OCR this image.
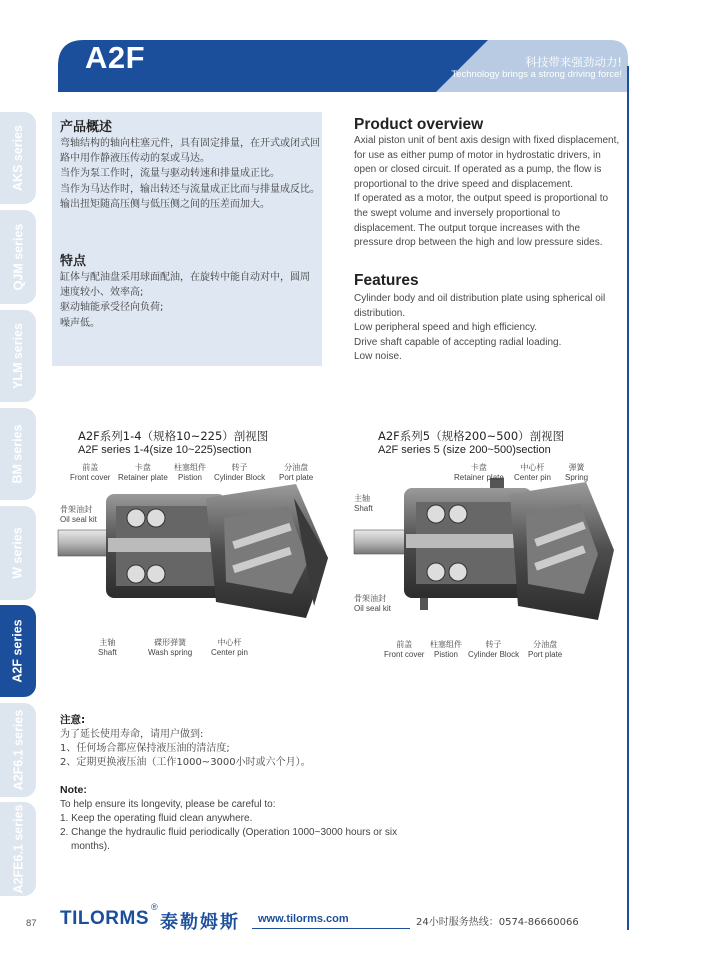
A2F	科技带来强劲动力!
Technology brings a strong driving force!
AKS series
QJM series
YLM series
BM series
W series
A2F series
A2F6.1 series
A2FE6.1 series
产品概述
弯轴结构的轴向柱塞元件，具有固定排量，在开式或闭式回
路中用作静液压传动的泵或马达。
当作为泵工作时，流量与驱动转速和排量成正比。
当作为马达作时，输出转还与流量成正比而与排量成反比。
输出扭矩随高压侧与低压侧之间的压差而加大。
特点
缸体与配油盘采用球面配油，在旋转中能自动对中，圆周
速度较小、效率高;
驱动轴能承受径向负荷;
噪声低。
Product overview
Axial piston unit of bent axis design with fixed displacement,
for use as either pump of motor in hydrostatic drivers, in
open or closed circuit. If operated as a pump, the flow is
proportional to the drive speed and displacement.
If operated as a motor, the output speed is proportional to
the swept volume and inversely proportional to
displacement. The output torque increases with the
pressure drop between the high and low pressure sides.
Features
Cylinder body and oil distribution plate using spherical oil
distribution.
Low peripheral speed and high efficiency.
Drive shaft capable of accepting radial loading.
Low noise.
A2F系列1-4（规格10~225）剖视图
A2F series 1-4(size 10~225)section
前盖
Front cover
卡盘
Retainer plate
柱塞组件
Pistion
转子
Cylinder Block
分油盘
Port plate
骨架油封
Oil seal kit
主轴
Shaft
碟形弹簧
Wash spring
中心杆
Center pin
A2F系列5（规格200~500）剖视图
A2F series 5 (size 200~500)section
卡盘
Retainer plate
中心杆
Center pin
弹簧
Spring
主轴
Shaft
骨架油封
Oil seal kit
前盖
Front cover
柱塞组件
Pistion
转子
Cylinder Block
分油盘
Port plate
注意:
为了延长使用寿命，请用户做到:
1、任何场合都应保持液压油的清洁度;
2、定期更换液压油（工作1000~3000小时或六个月）。
Note:
To help ensure its longevity, please be careful to:
1. Keep the operating fluid clean anywhere.
2. Change the hydraulic fluid periodically (Operation 1000~3000 hours or six
months).
87 TILORMS
®
泰勒姆斯 www.tilorms.com	24小时服务热线：0574-86660066
